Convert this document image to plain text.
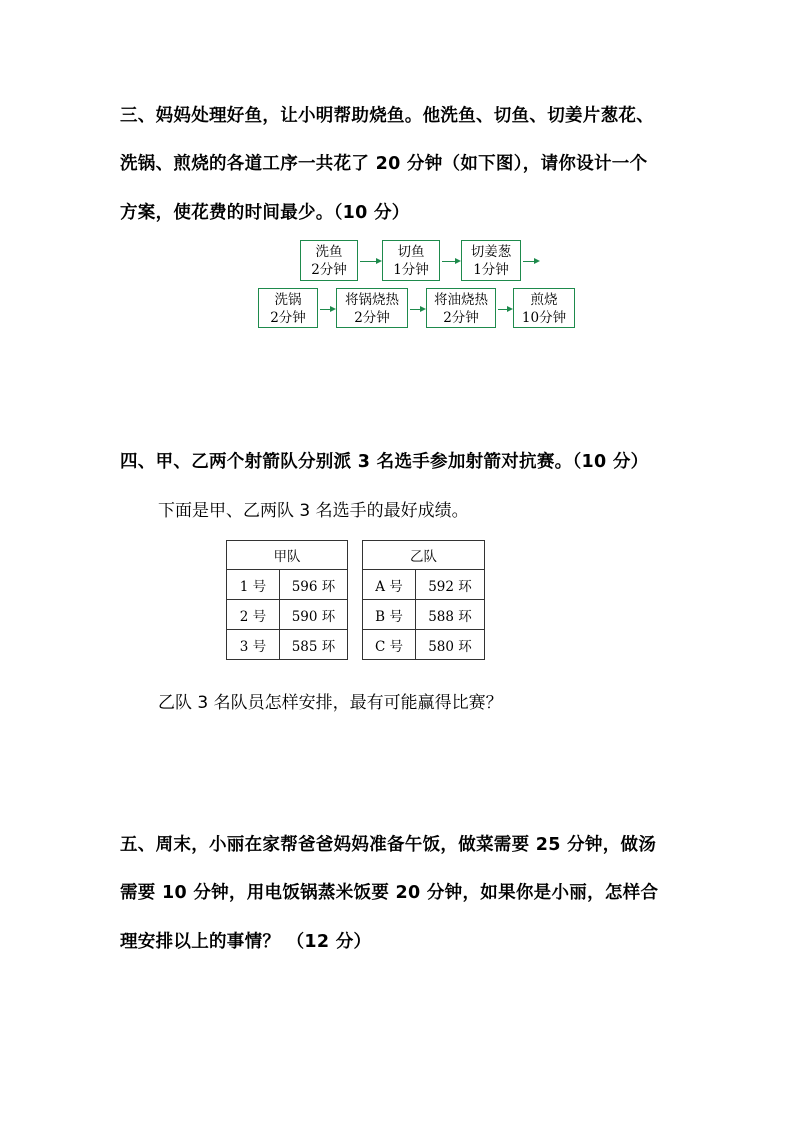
三、妈妈处理好鱼，让小明帮助烧鱼。他洗鱼、切鱼、切姜片葱花、
洗锅、煎烧的各道工序一共花了 20 分钟（如下图），请你设计一个
方案，使花费的时间最少。（10 分）
洗鱼
2分钟
切鱼
1分钟
切姜葱
1分钟
洗锅
2分钟
将锅烧热
2分钟
将油烧热
2分钟
煎烧
10分钟
四、甲、乙两个射箭队分别派 3 名选手参加射箭对抗赛。（10 分）
下面是甲、乙两队 3 名选手的最好成绩。
甲队	
1 号	596 环
2 号	590 环
3 号	585 环
乙队	
A 号	592 环
B 号	588 环
C 号	580 环
乙队 3 名队员怎样安排，最有可能赢得比赛？
五、周末，小丽在家帮爸爸妈妈准备午饭，做菜需要 25 分钟，做汤
需要 10 分钟，用电饭锅蒸米饭要 20 分钟，如果你是小丽，怎样合
理安排以上的事情？ （12 分）
